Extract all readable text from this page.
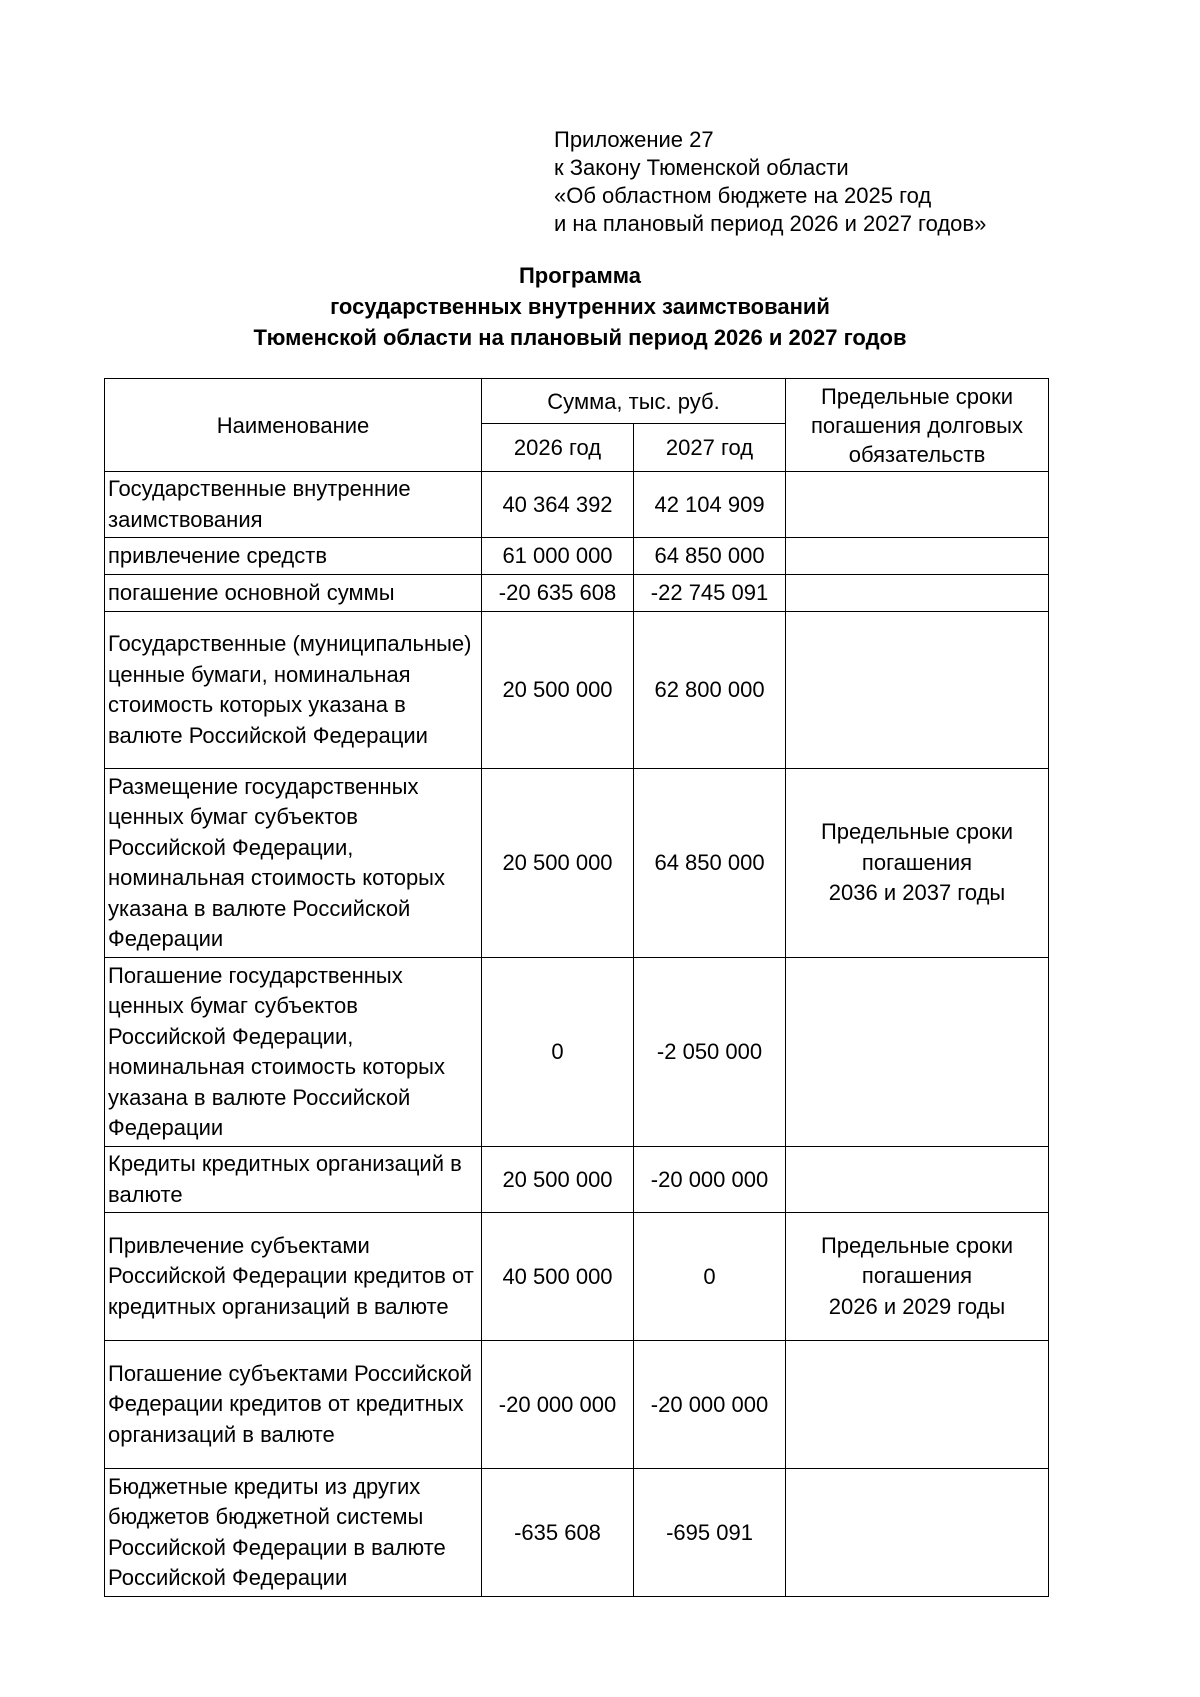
Приложение 27
к Закону Тюменской области
«Об областном бюджете на 2025 год
и на плановый период 2026 и 2027 годов»
Программа
государственных внутренних заимствований
Тюменской области на плановый период 2026 и 2027 годов
Наименование	Сумма, тыс. руб.		Предельные сроки погашения долговых обязательств
	2026 год	2027 год	
Государственные внутренние заимствования	40 364 392	42 104 909	
привлечение средств	61 000 000	64 850 000	
погашение основной суммы	-20 635 608	-22 745 091	
Государственные (муниципальные) ценные бумаги, номинальная стоимость которых указана в валюте Российской Федерации	20 500 000	62 800 000	
Размещение государственных ценных бумаг субъектов Российской Федерации, номинальная стоимость которых указана в валюте Российской Федерации	20 500 000	64 850 000	Предельные сроки
погашения
2036 и 2037 годы

Погашение государственных ценных бумаг субъектов Российской Федерации, номинальная стоимость которых указана в валюте Российской Федерации	0	-2 050 000	
Кредиты кредитных организаций в валюте	20 500 000	-20 000 000	
Привлечение субъектами Российской Федерации кредитов от кредитных организаций в валюте	40 500 000	0	Предельные сроки
погашения
2026 и 2029 годы

Погашение субъектами Российской Федерации кредитов от кредитных организаций в валюте	-20 000 000	-20 000 000	
Бюджетные кредиты из других бюджетов бюджетной системы Российской Федерации в валюте Российской Федерации	-635 608	-695 091	
